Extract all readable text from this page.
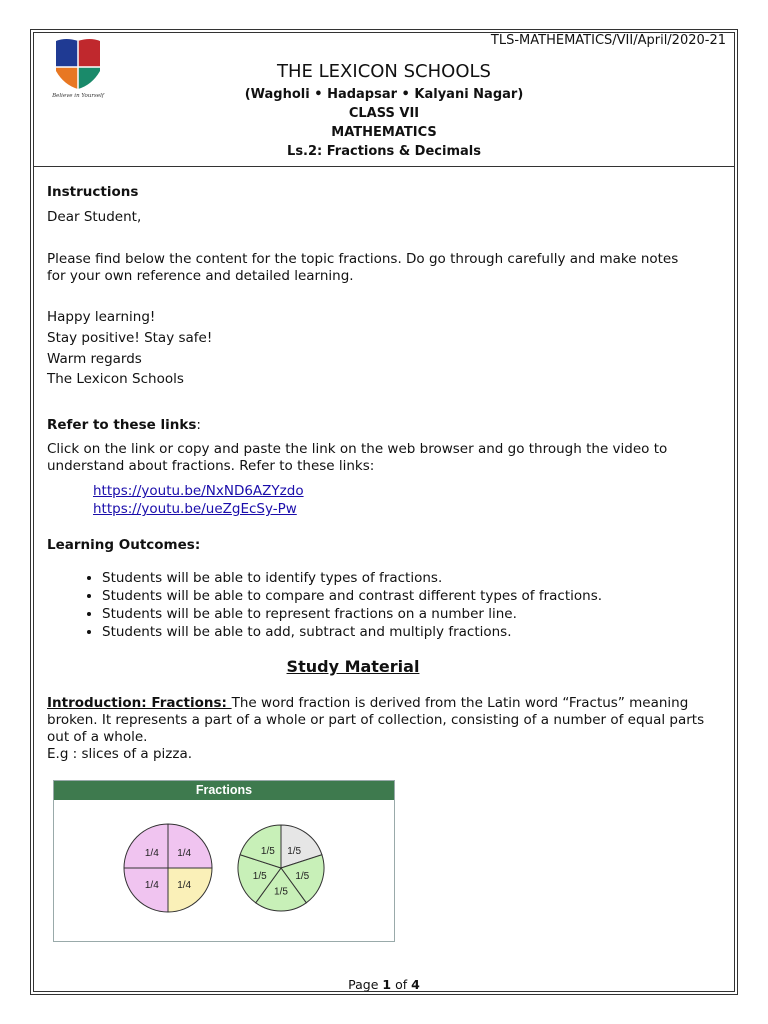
TLS-MATHEMATICS/VII/April/2020-21
Believe in Yourself
THE LEXICON SCHOOLS
(Wagholi • Hadapsar • Kalyani Nagar)
CLASS VII
MATHEMATICS
Ls.2: Fractions & Decimals
Instructions
Dear Student,
Please find below the content for the topic fractions. Do go through carefully and make notes
for your own reference and detailed learning.
Happy learning!
Stay positive! Stay safe!
Warm regards
The Lexicon Schools
Refer to these links:
Click on the link or copy and paste the link on the web browser and go through the video to
understand about fractions. Refer to these links:
https://youtu.be/NxND6AZYzdo
https://youtu.be/ueZgEcSy-Pw
Learning Outcomes:
• Students will be able to identify types of fractions.
• Students will be able to compare and contrast different types of fractions.
• Students will be able to represent fractions on a number line.
• Students will be able to add, subtract and multiply fractions.
Study Material
Introduction: Fractions: The word fraction is derived from the Latin word “Fractus” meaning broken. It represents a part of a whole or part of collection, consisting of a number of equal parts out of a whole.
E.g : slices of a pizza.
Fractions
1/4
1/4
1/4
1/4	1/5
1/5
1/5
1/5
1/5
Page 1 of 4
